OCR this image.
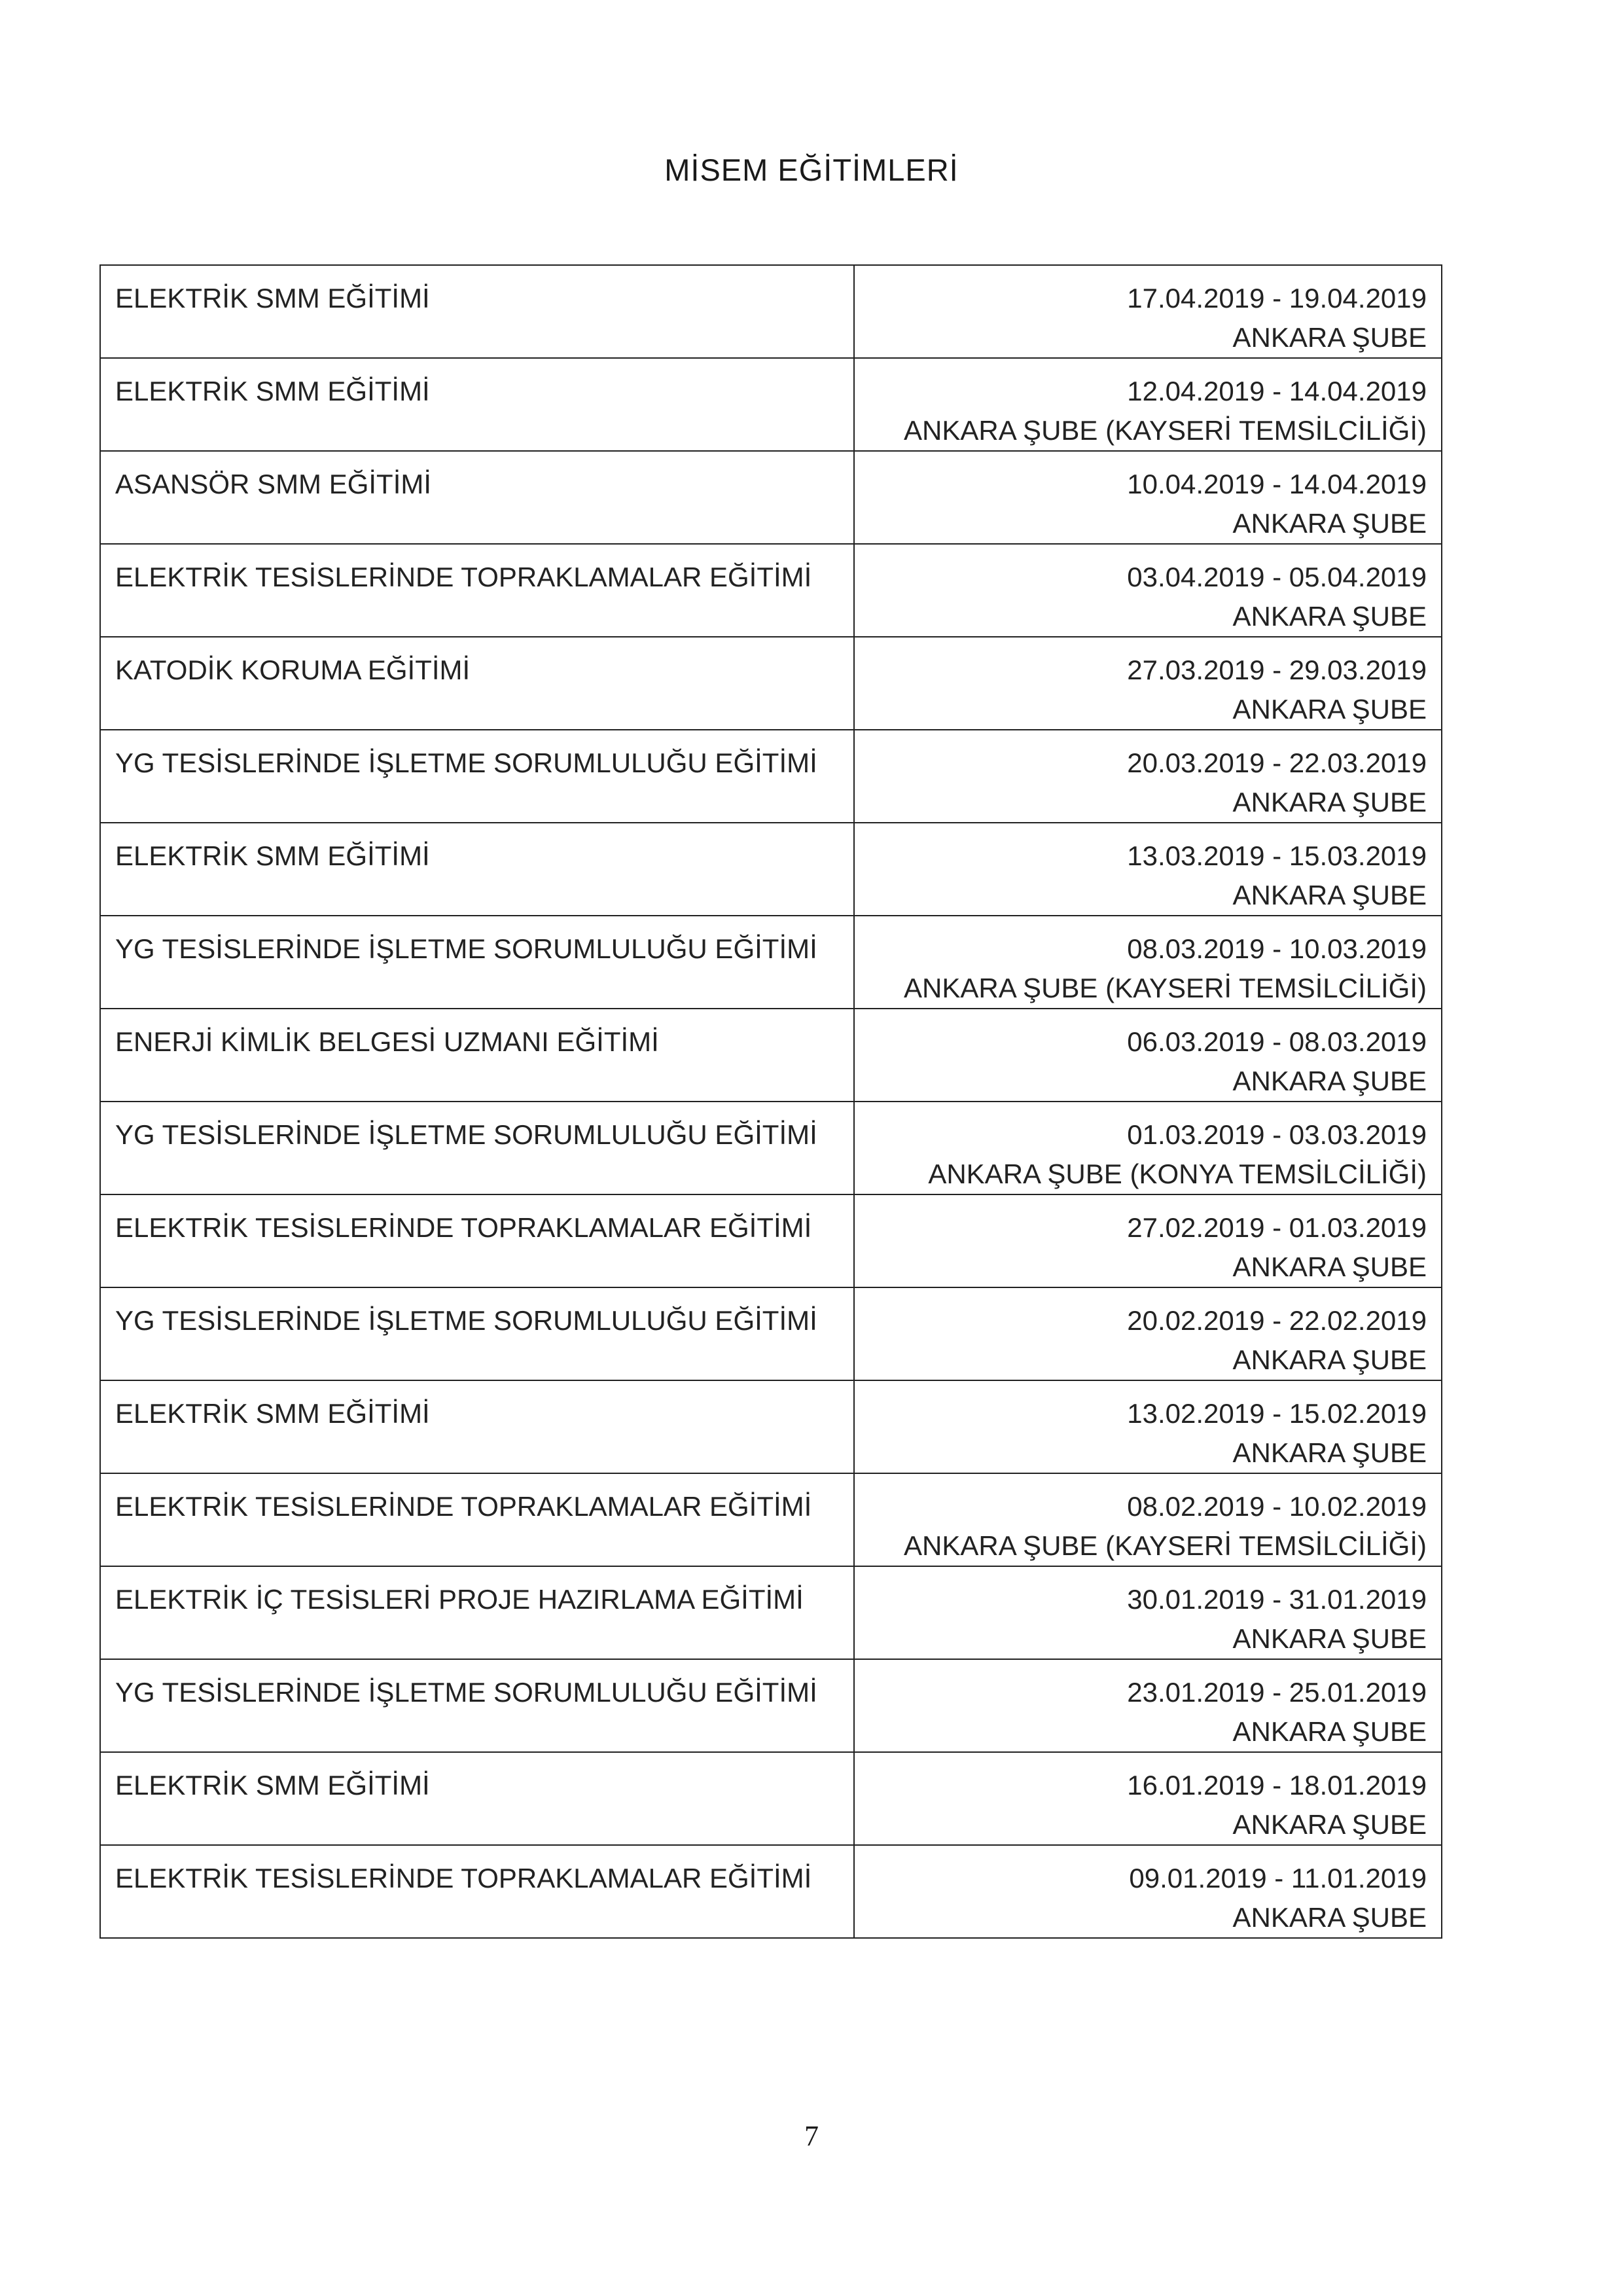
MİSEM EĞİTİMLERİ
ELEKTRİK SMM EĞİTİMİ	17.04.2019 - 19.04.2019
ANKARA ŞUBE

ELEKTRİK SMM EĞİTİMİ	12.04.2019 - 14.04.2019
ANKARA ŞUBE (KAYSERİ TEMSİLCİLİĞİ)

ASANSÖR SMM EĞİTİMİ	10.04.2019 - 14.04.2019
ANKARA ŞUBE

ELEKTRİK TESİSLERİNDE TOPRAKLAMALAR EĞİTİMİ	03.04.2019 - 05.04.2019
ANKARA ŞUBE

KATODİK KORUMA EĞİTİMİ	27.03.2019 - 29.03.2019
ANKARA ŞUBE

YG TESİSLERİNDE İŞLETME SORUMLULUĞU EĞİTİMİ	20.03.2019 - 22.03.2019
ANKARA ŞUBE

ELEKTRİK SMM EĞİTİMİ	13.03.2019 - 15.03.2019
ANKARA ŞUBE

YG TESİSLERİNDE İŞLETME SORUMLULUĞU EĞİTİMİ	08.03.2019 - 10.03.2019
ANKARA ŞUBE (KAYSERİ TEMSİLCİLİĞİ)

ENERJİ KİMLİK BELGESİ UZMANI EĞİTİMİ	06.03.2019 - 08.03.2019
ANKARA ŞUBE

YG TESİSLERİNDE İŞLETME SORUMLULUĞU EĞİTİMİ	01.03.2019 - 03.03.2019
ANKARA ŞUBE (KONYA TEMSİLCİLİĞİ)

ELEKTRİK TESİSLERİNDE TOPRAKLAMALAR EĞİTİMİ	27.02.2019 - 01.03.2019
ANKARA ŞUBE

YG TESİSLERİNDE İŞLETME SORUMLULUĞU EĞİTİMİ	20.02.2019 - 22.02.2019
ANKARA ŞUBE

ELEKTRİK SMM EĞİTİMİ	13.02.2019 - 15.02.2019
ANKARA ŞUBE

ELEKTRİK TESİSLERİNDE TOPRAKLAMALAR EĞİTİMİ	08.02.2019 - 10.02.2019
ANKARA ŞUBE (KAYSERİ TEMSİLCİLİĞİ)

ELEKTRİK İÇ TESİSLERİ PROJE HAZIRLAMA EĞİTİMİ	30.01.2019 - 31.01.2019
ANKARA ŞUBE

YG TESİSLERİNDE İŞLETME SORUMLULUĞU EĞİTİMİ	23.01.2019 - 25.01.2019
ANKARA ŞUBE

ELEKTRİK SMM EĞİTİMİ	16.01.2019 - 18.01.2019
ANKARA ŞUBE

ELEKTRİK TESİSLERİNDE TOPRAKLAMALAR EĞİTİMİ	09.01.2019 - 11.01.2019
ANKARA ŞUBE
7
